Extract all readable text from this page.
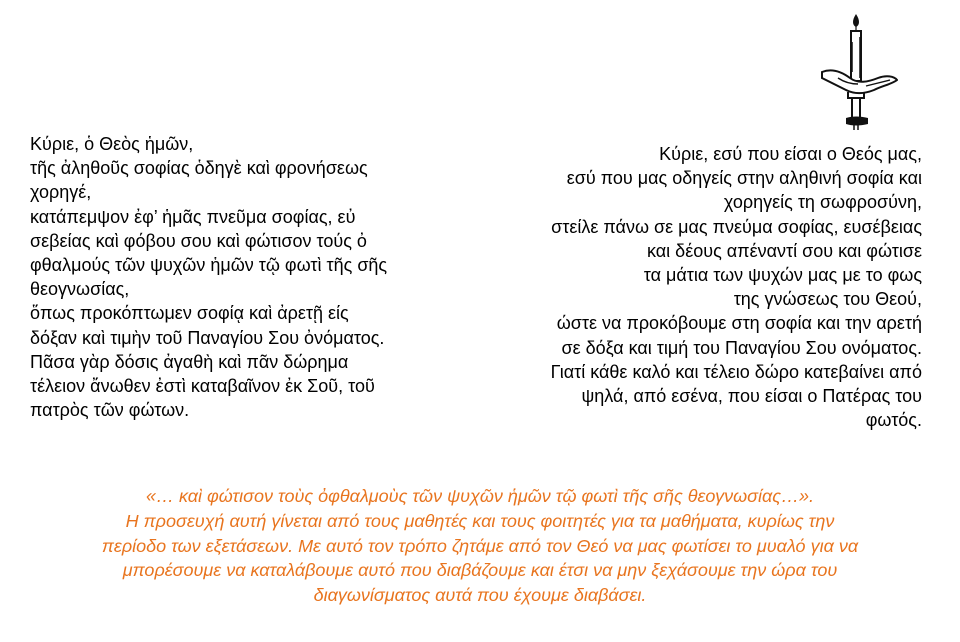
Κύριε, ὁ Θεὸς ἡμῶν,
τῆς ἀληθοῦς σοφίας ὁδηγὲ καὶ φρονήσεως
χορηγέ,
κατάπεμψον ἐφ’ ἡμᾶς πνεῦμα σοφίας, εὐ
σεβείας καὶ φόβου σου καὶ φώτισον τούς ὀ
φθαλμούς τῶν ψυχῶν ἡμῶν τῷ φωτὶ τῆς σῆς
θεογνωσίας,
ὅπως προκόπτωμεν σοφίᾳ καὶ ἀρετῇ είς
δόξαν καὶ τιμὴν τοῦ Παναγίου Σου ὀνόματος.
Πᾶσα γὰρ δόσις ἀγαθὴ καὶ πᾶν δώρημα
τέλειον ἄνωθεν ἐστὶ καταβαῖνον ἐκ Σοῦ, τοῦ
πατρὸς τῶν φώτων.
Κύριε, εσύ που είσαι ο Θεός μας,
εσύ που μας οδηγείς στην αληθινή σοφία και
χορηγείς τη σωφροσύνη,
στείλε πάνω σε μας πνεύμα σοφίας, ευσέβειας
και δέους απέναντί σου και φώτισε
τα μάτια των ψυχών μας με το φως
της γνώσεως του Θεού,
ώστε να προκόβουμε στη σοφία και την αρετή
σε δόξα και τιμή του Παναγίου Σου ονόματος.
Γιατί κάθε καλό και τέλειο δώρο κατεβαίνει από
ψηλά, από εσένα, που είσαι ο Πατέρας του
φωτός.
«… καὶ φώτισον τοὺς ὀφθαλμοὺς τῶν ψυχῶν ἡμῶν τῷ φωτὶ τῆς σῆς θεογνωσίας…».
Η προσευχή αυτή γίνεται από τους μαθητές και τους φοιτητές για τα μαθήματα, κυρίως την
περίοδο των εξετάσεων. Με αυτό τον τρόπο ζητάμε από τον Θεό να μας φωτίσει το μυαλό για να
μπορέσουμε να καταλάβουμε αυτό που διαβάζουμε και έτσι να μην ξεχάσουμε την ώρα του
διαγωνίσματος αυτά που έχουμε διαβάσει.
